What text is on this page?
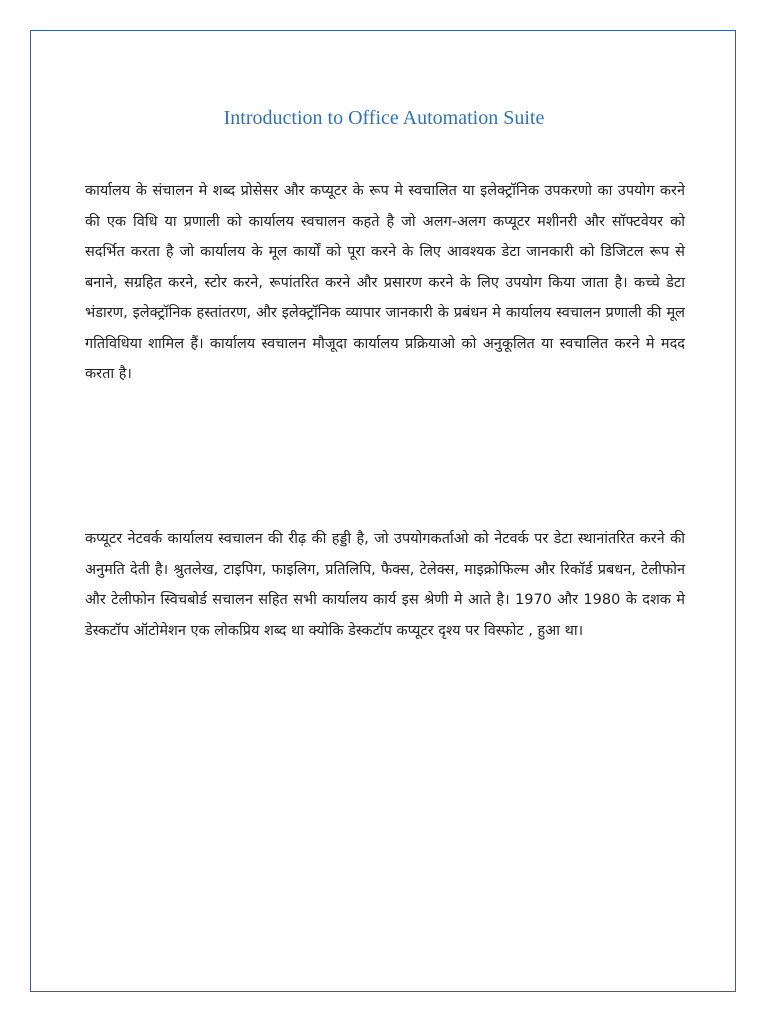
Introduction to Office Automation Suite

कार्यालय के संचालन मे शब्द प्रोसेसर और कप्यूटर के रूप मे स्वचालित या इलेक्ट्रॉनिक उपकरणो का उपयोग करने की एक विधि या प्रणाली को कार्यालय स्वचालन कहते है जो अलग-अलग कप्यूटर मशीनरी और सॉफ्टवेयर को सदर्भित करता है जो कार्यालय के मूल कार्यों को पूरा करने के लिए आवश्यक डेटा जानकारी को डिजिटल रूप से बनाने, सग्रहित करने, स्टोर करने, रूपांतरित करने और प्रसारण करने के लिए उपयोग किया जाता है। कच्चे डेटा भंडारण, इलेक्ट्रॉनिक हस्तांतरण, और इलेक्ट्रॉनिक व्यापार जानकारी के प्रबंधन मे कार्यालय स्वचालन प्रणाली की मूल गतिविधिया शामिल हैं। कार्यालय स्वचालन मौजूदा कार्यालय प्रक्रियाओ को अनुकूलित या स्वचालित करने मे मदद करता है।

कप्यूटर नेटवर्क कार्यालय स्वचालन की रीढ़ की हड्डी है, जो उपयोगकर्ताओ को नेटवर्क पर डेटा स्थानांतरित करने की अनुमति देती है। श्रुतलेख, टाइपिग, फाइलिग, प्रतिलिपि, फैक्स, टेलेक्स, माइक्रोफिल्म और रिकॉर्ड प्रबधन, टेलीफोन और टेलीफोन स्विचबोर्ड सचालन सहित सभी कार्यालय कार्य इस श्रेणी मे आते है। 1970 और 1980 के दशक मे डेस्कटॉप ऑटोमेशन एक लोकप्रिय शब्द था क्योकि डेस्कटॉप कप्यूटर दृश्य पर विस्फोट , हुआ था।
